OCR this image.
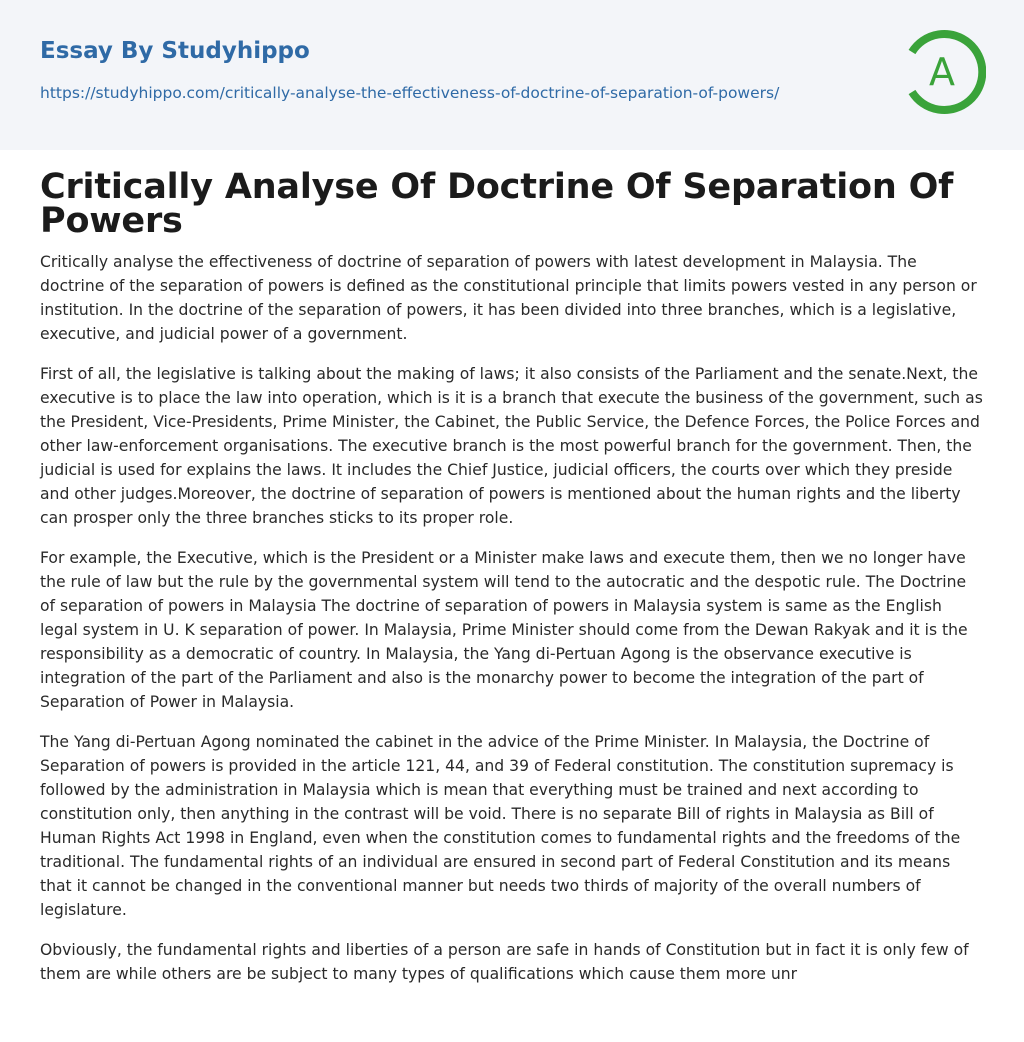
Essay By Studyhippo
https://studyhippo.com/critically-analyse-the-effectiveness-of-doctrine-of-separation-of-powers/	A
Critically Analyse Of Doctrine Of Separation Of Powers

Critically analyse the effectiveness of doctrine of separation of powers with latest development in Malaysia. The doctrine of the separation of powers is defined as the constitutional principle that limits powers vested in any person or institution. In the doctrine of the separation of powers, it has been divided into three branches, which is a legislative, executive, and judicial power of a government.

First of all, the legislative is talking about the making of laws; it also consists of the Parliament and the senate.Next, the executive is to place the law into operation, which is it is a branch that execute the business of the government, such as the President, Vice-Presidents, Prime Minister, the Cabinet, the Public Service, the Defence Forces, the Police Forces and other law-enforcement organisations. The executive branch is the most powerful branch for the government. Then, the judicial is used for explains the laws. It includes the Chief Justice, judicial officers, the courts over which they preside and other judges.Moreover, the doctrine of separation of powers is mentioned about the human rights and the liberty can prosper only the three branches sticks to its proper role.

For example, the Executive, which is the President or a Minister make laws and execute them, then we no longer have the rule of law but the rule by the governmental system will tend to the autocratic and the despotic rule. The Doctrine of separation of powers in Malaysia The doctrine of separation of powers in Malaysia system is same as the English legal system in U. K separation of power. In Malaysia, Prime Minister should come from the Dewan Rakyak and it is the responsibility as a democratic of country. In Malaysia, the Yang di-Pertuan Agong is the observance executive is integration of the part of the Parliament and also is the monarchy power to become the integration of the part of Separation of Power in Malaysia.

The Yang di-Pertuan Agong nominated the cabinet in the advice of the Prime Minister. In Malaysia, the Doctrine of Separation of powers is provided in the article 121, 44, and 39 of Federal constitution. The constitution supremacy is followed by the administration in Malaysia which is mean that everything must be trained and next according to constitution only, then anything in the contrast will be void. There is no separate Bill of rights in Malaysia as Bill of Human Rights Act 1998 in England, even when the constitution comes to fundamental rights and the freedoms of the traditional. The fundamental rights of an individual are ensured in second part of Federal Constitution and its means that it cannot be changed in the conventional manner but needs two thirds of majority of the overall numbers of legislature.

Obviously, the fundamental rights and liberties of a person are safe in hands of Constitution but in fact it is only few of them are while others are be subject to many types of qualifications which cause them more unr
